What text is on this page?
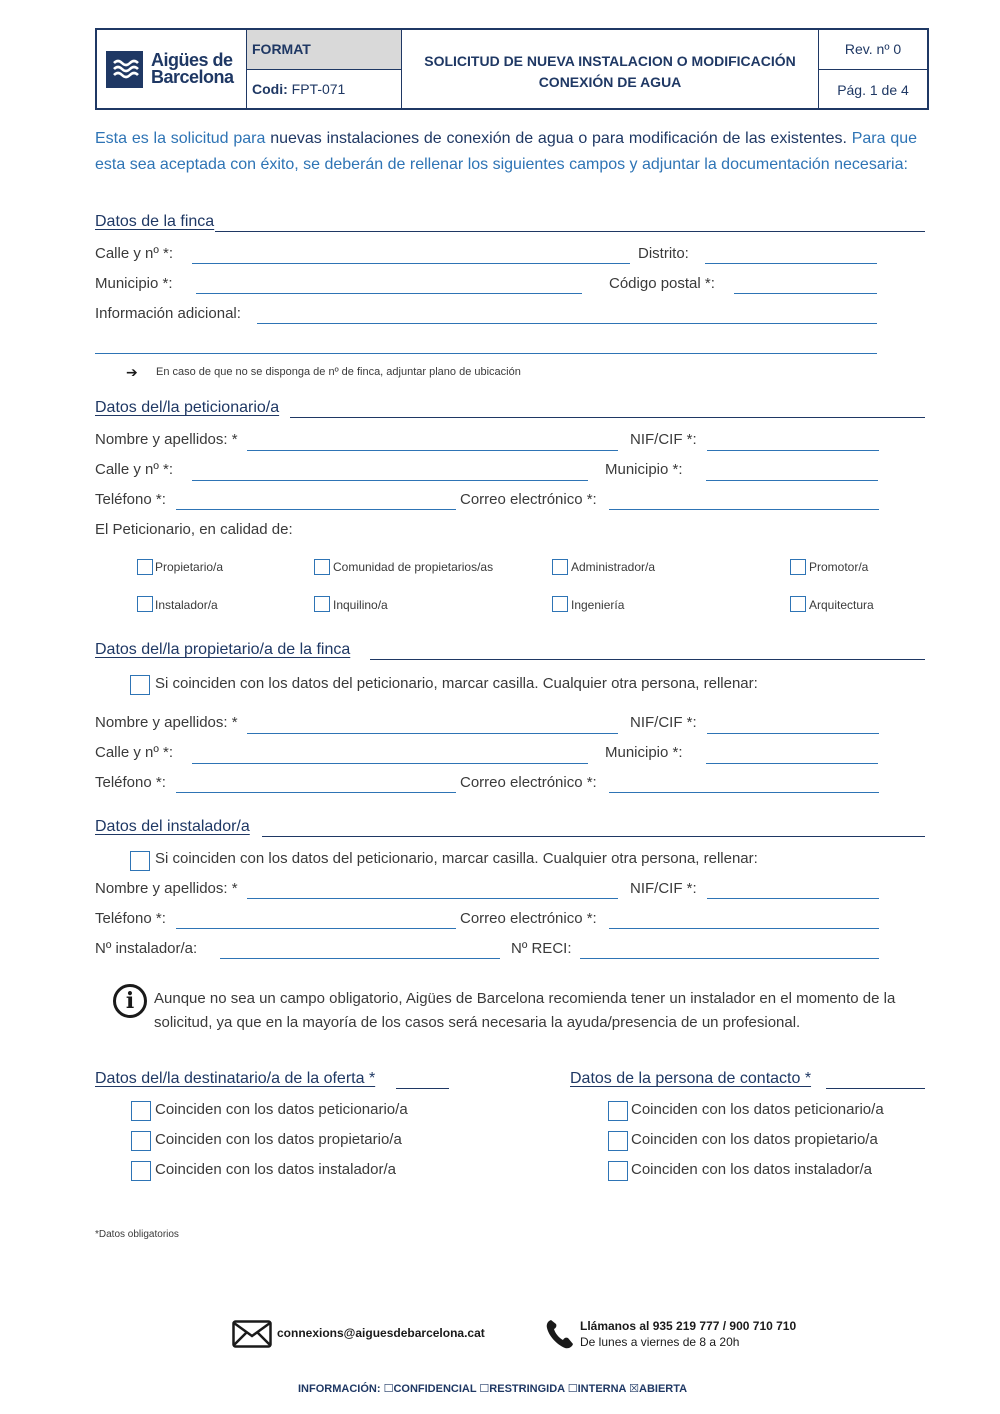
Aigües de
Barcelona
FORMAT
Codi: FPT-071
SOLICITUD DE NUEVA INSTALACION O MODIFICACIÓN
CONEXIÓN DE AGUA
Rev. nº 0
Pág. 1 de 4
Esta es la solicitud para nuevas instalaciones de conexión de agua o para modificación de las existentes. Para que esta sea aceptada con éxito, se deberán de rellenar los siguientes campos y adjuntar la documentación necesaria:
Datos de la finca
Calle y nº *:	Distrito:
Municipio *:	Código postal *:
Información adicional:
➔ En caso de que no se disponga de nº de finca, adjuntar plano de ubicación
Datos del/la peticionario/a
Nombre y apellidos: *	NIF/CIF *:
Calle y nº *:	Municipio *:
Teléfono *:	Correo electrónico *:
El Peticionario, en calidad de:
Propietario/a	Comunidad de propietarios/as	Administrador/a	Promotor/a
Instalador/a	Inquilino/a	Ingeniería	Arquitectura
Datos del/la propietario/a de la finca
Si coinciden con los datos del peticionario, marcar casilla. Cualquier otra persona, rellenar:
Nombre y apellidos: *	NIF/CIF *:
Calle y nº *:	Municipio *:
Teléfono *:	Correo electrónico *:
Datos del instalador/a
Si coinciden con los datos del peticionario, marcar casilla. Cualquier otra persona, rellenar:
Nombre y apellidos: *	NIF/CIF *:
Teléfono *:	Correo electrónico *:
Nº instalador/a:	Nº RECI:
i	Aunque no sea un campo obligatorio, Aigües de Barcelona recomienda tener un instalador en el momento de la solicitud, ya que en la mayoría de los casos será necesaria la ayuda/presencia de un profesional.
Datos del/la destinatario/a de la oferta *
Coinciden con los datos peticionario/a
Coinciden con los datos propietario/a
Coinciden con los datos instalador/a
Datos de la persona de contacto *
Coinciden con los datos peticionario/a
Coinciden con los datos propietario/a
Coinciden con los datos instalador/a
*Datos obligatorios
connexions@aiguesdebarcelona.cat	Llámanos al 935 219 777 / 900 710 710
De lunes a viernes de 8 a 20h
INFORMACIÓN: ☐CONFIDENCIAL ☐RESTRINGIDA ☐INTERNA ☒ABIERTA
